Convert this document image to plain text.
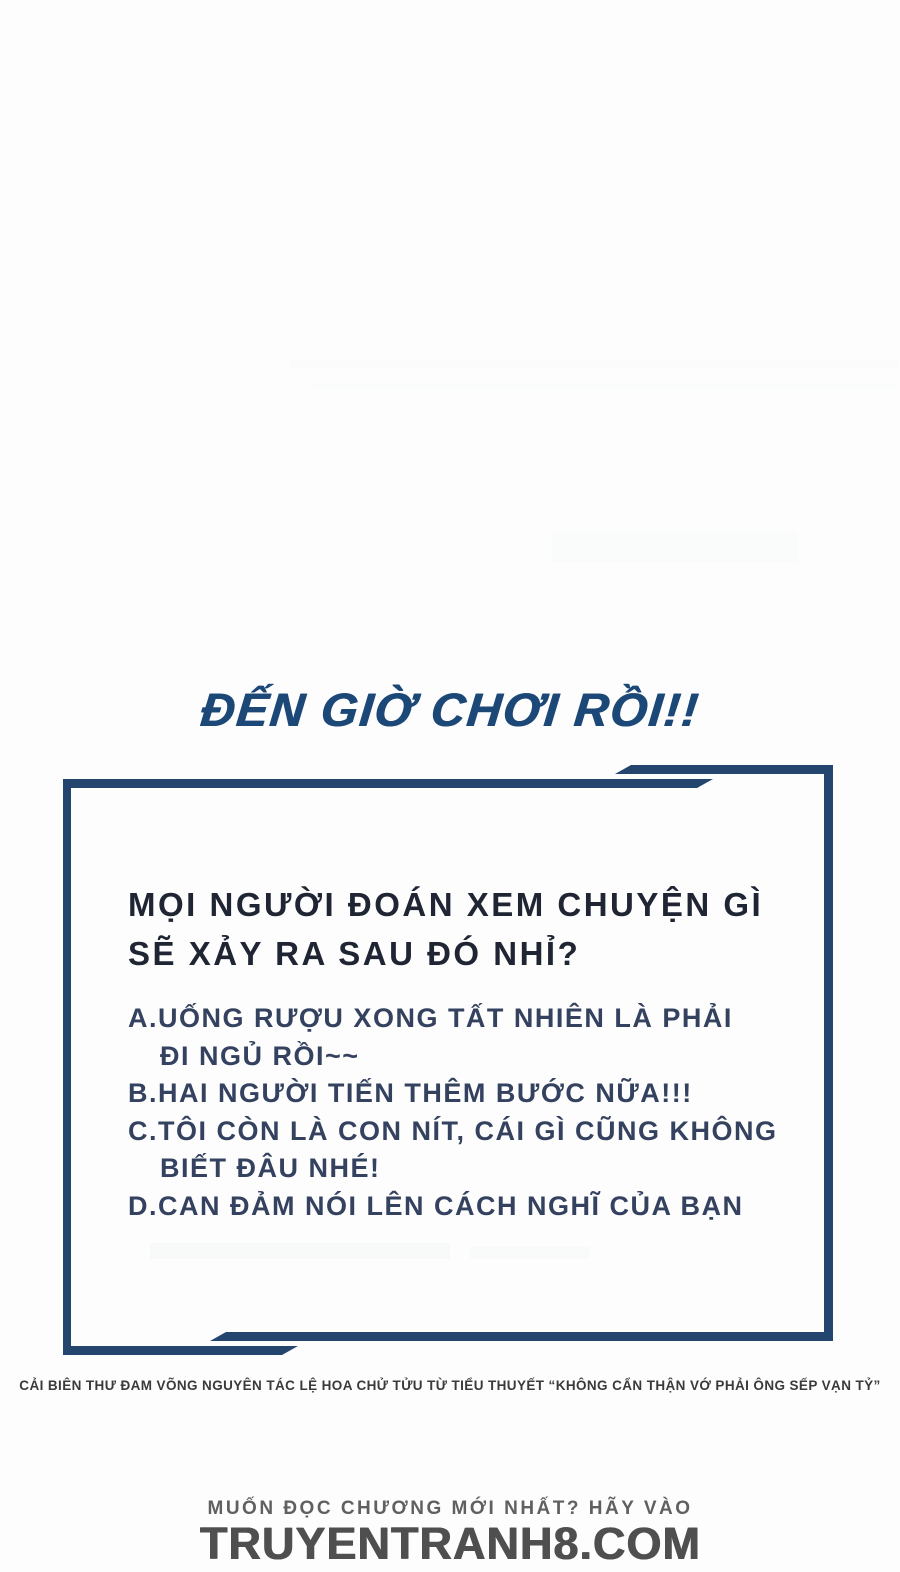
ĐẾN GIỜ CHƠI RỒI!!
MỌI NGƯỜI ĐOÁN XEM CHUYỆN GÌ
SẼ XẢY RA SAU ĐÓ NHỈ?
A.UỐNG RƯỢU XONG TẤT NHIÊN LÀ PHẢI
ĐI NGỦ RỒI~~
B.HAI NGƯỜI TIẾN THÊM BƯỚC NỮA!!!
C.TÔI CÒN LÀ CON NÍT, CÁI GÌ CŨNG KHÔNG
BIẾT ĐÂU NHÉ!
D.CAN ĐẢM NÓI LÊN CÁCH NGHĨ CỦA BẠN
CẢI BIÊN THƯ ĐAM VÕNG NGUYÊN TÁC LỆ HOA CHỬ TỬU TỪ TIỂU THUYẾT “KHÔNG CẨN THẬN VỚ PHẢI ÔNG SẾP VẠN TỶ”
MUỐN ĐỌC CHƯƠNG MỚI NHẤT? HÃY VÀO
TRUYENTRANH8.COM
